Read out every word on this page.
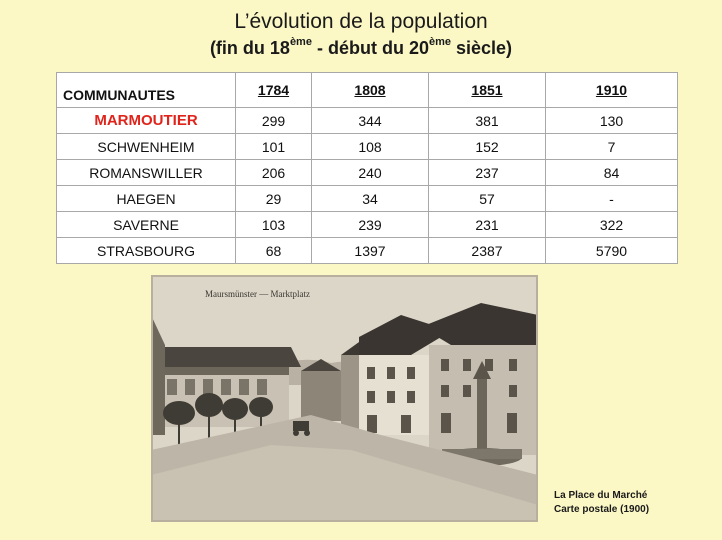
L’évolution de la population
(fin du 18ème - début du 20ème siècle)
COMMUNAUTES	1784	1808	1851	1910
MARMOUTIER	299	344	381	130
SCHWENHEIM	101	108	152	7
ROMANSWILLER	206	240	237	84
HAEGEN	29	34	57	-
SAVERNE	103	239	231	322
STRASBOURG	68	1397	2387	5790
Maursmünster — Marktplatz
La Place du Marché
Carte postale (1900)
